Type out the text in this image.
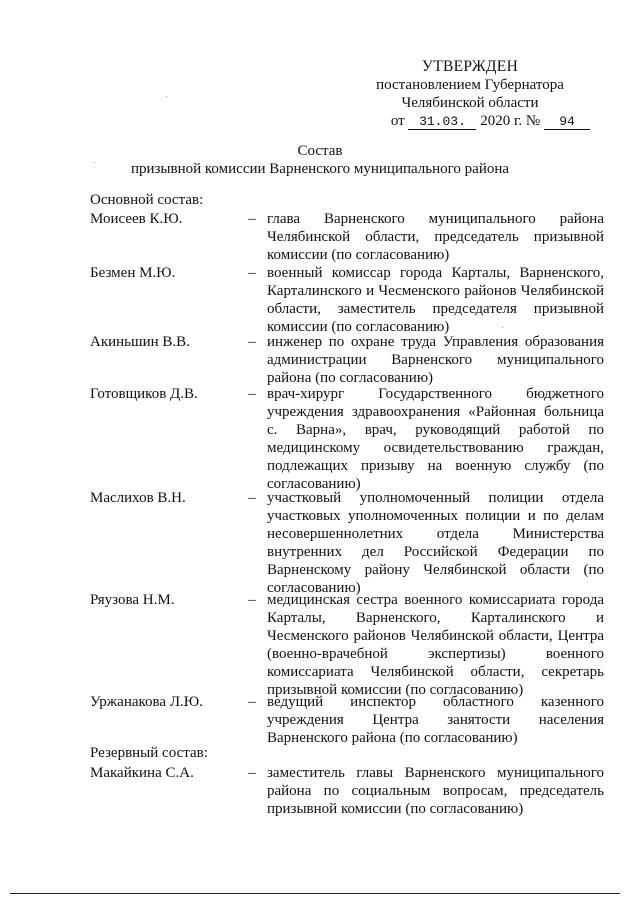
УТВЕРЖДЕН
постановлением Губернатора
Челябинской области
от 31.03. 2020 г. № 94
Состав
призывной комиссии Варненского муниципального района
Основной состав:
Моисеев К.Ю.	– глава Варненского муниципального района Челябинской области, председатель призывной комиссии (по согласованию)
Безмен М.Ю.	– военный комиссар города Карталы, Варненского, Карталинского и Чесменского районов Челябинской области, заместитель председателя призывной комиссии (по согласованию)
Акиньшин В.В.	– инженер по охране труда Управления образования администрации Варненского муниципального района (по согласованию)
Готовщиков Д.В.	– врач-хирург Государственного бюджетного учреждения здравоохранения «Районная больница с. Варна», врач, руководящий работой по медицинскому освидетельствованию граждан, подлежащих призыву на военную службу (по согласованию)
Маслихов В.Н.	– участковый уполномоченный полиции отдела участковых уполномоченных полиции и по делам несовершеннолетних отдела Министерства внутренних дел Российской Федерации по Варненскому району Челябинской области (по согласованию)
Ряузова Н.М.	– медицинская сестра военного комиссариата города Карталы, Варненского, Карталинского и Чесменского районов Челябинской области, Центра (военно-врачебной экспертизы) военного комиссариата Челябинской области, секретарь призывной комиссии (по согласованию)
Уржанакова Л.Ю.	– ведущий инспектор областного казенного учреждения Центра занятости населения Варненского района (по согласованию)
Резервный состав:
Макайкина С.А.	– заместитель главы Варненского муниципального района по социальным вопросам, председатель призывной комиссии (по согласованию)
